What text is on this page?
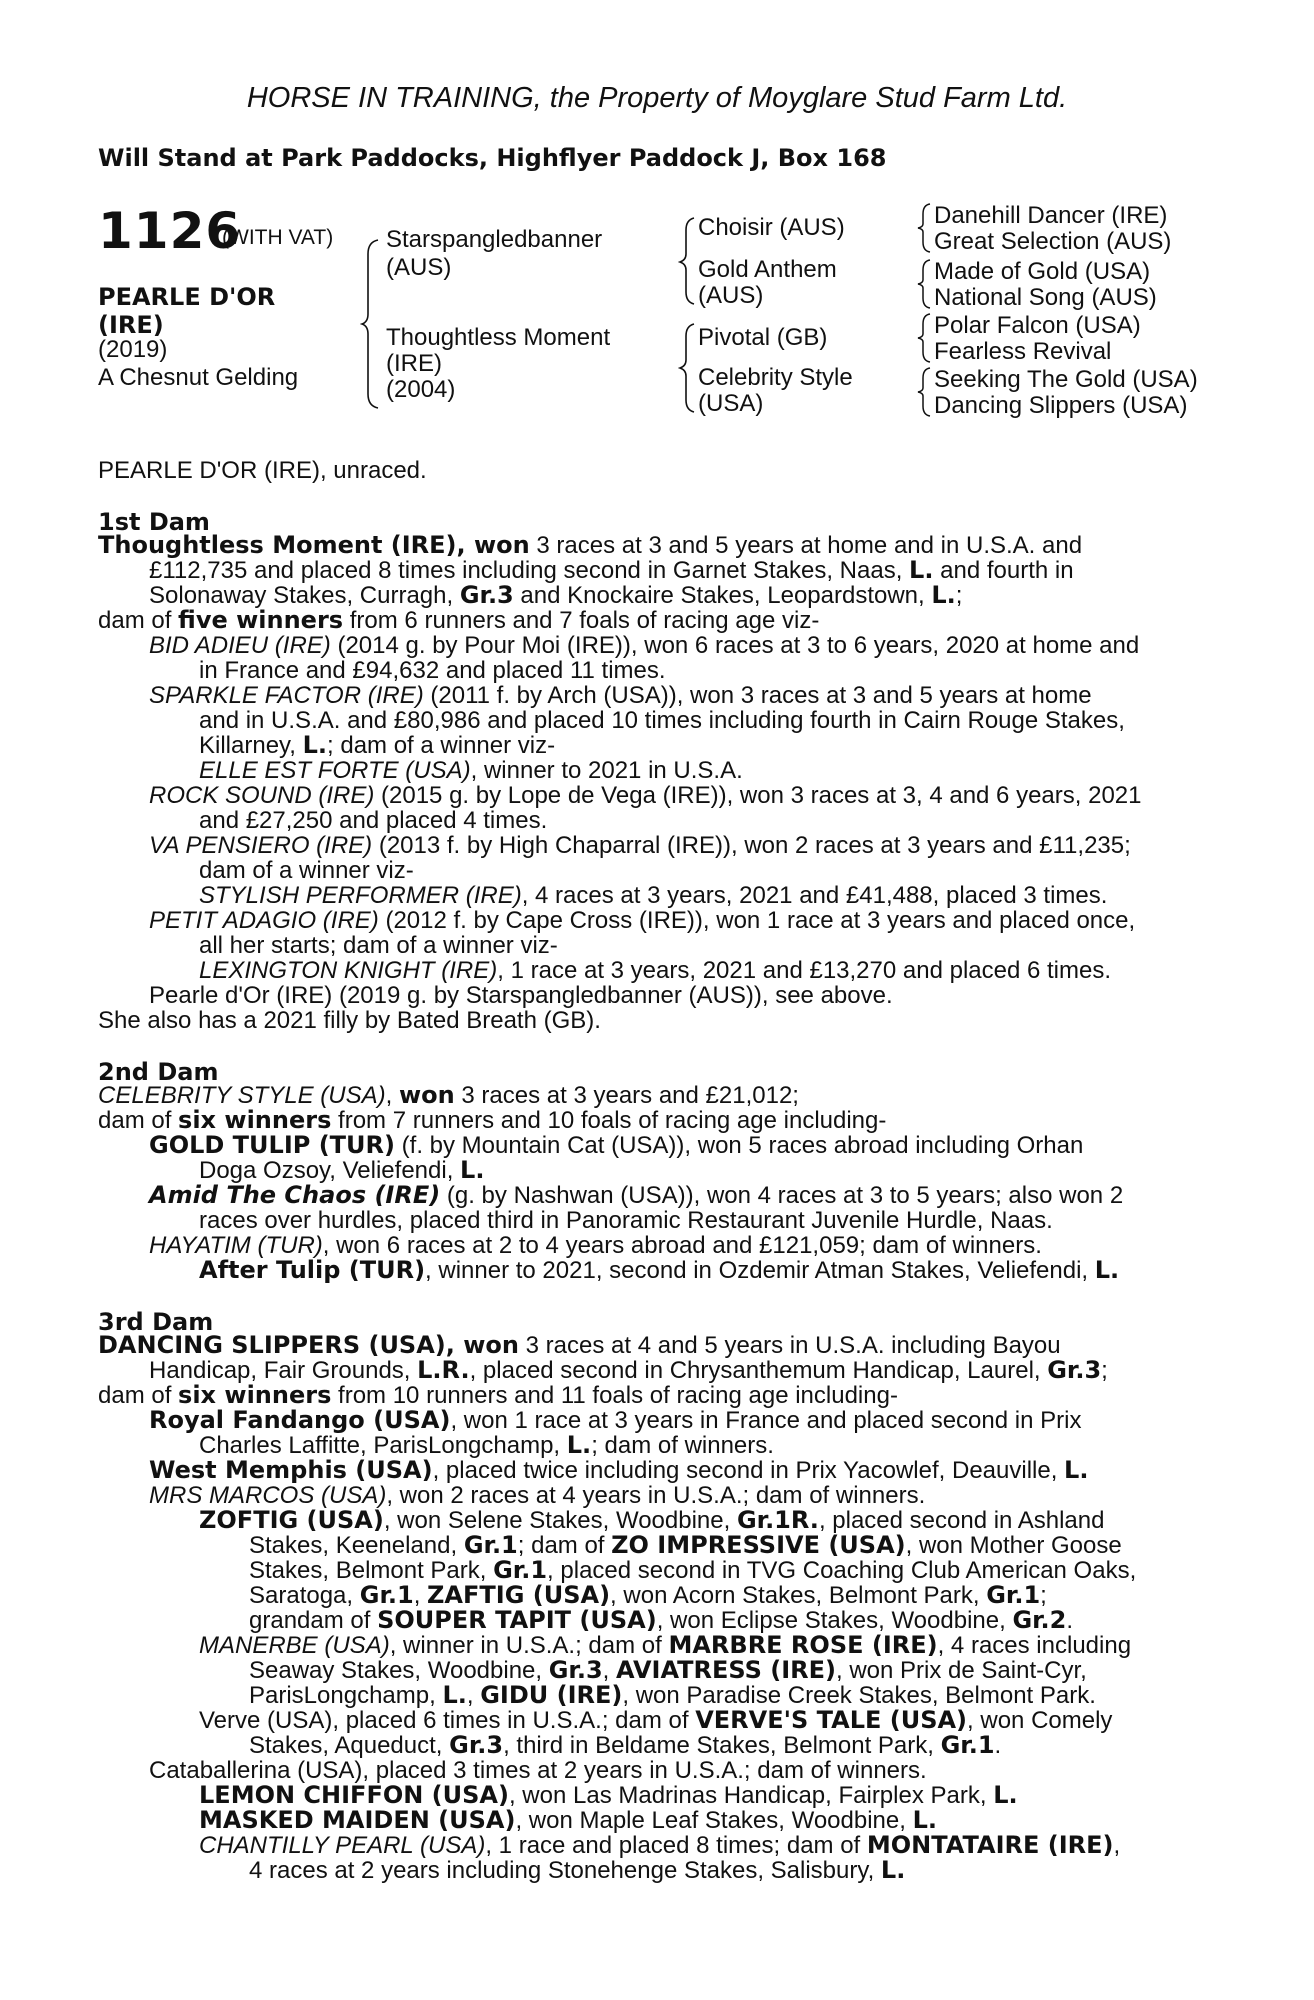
HORSE IN TRAINING, the Property of Moyglare Stud Farm Ltd.
Will Stand at Park Paddocks, Highflyer Paddock J, Box 168
1126
(WITH VAT)
PEARLE D'OR
(IRE)
(2019)
A Chesnut Gelding
Starspangledbanner
(AUS)
Thoughtless Moment
(IRE)
(2004)
Choisir (AUS)
Gold Anthem
(AUS)
Pivotal (GB)
Celebrity Style
(USA)
Danehill Dancer (IRE)
Great Selection (AUS)
Made of Gold (USA)
National Song (AUS)
Polar Falcon (USA)
Fearless Revival
Seeking The Gold (USA)
Dancing Slippers (USA)
PEARLE D'OR (IRE), unraced.
1st Dam
Thoughtless Moment (IRE), won 3 races at 3 and 5 years at home and in U.S.A. and
£112,735 and placed 8 times including second in Garnet Stakes, Naas, L. and fourth in
Solonaway Stakes, Curragh, Gr.3 and Knockaire Stakes, Leopardstown, L.;
dam of five winners from 6 runners and 7 foals of racing age viz-
BID ADIEU (IRE) (2014 g. by Pour Moi (IRE)), won 6 races at 3 to 6 years, 2020 at home and
in France and £94,632 and placed 11 times.
SPARKLE FACTOR (IRE) (2011 f. by Arch (USA)), won 3 races at 3 and 5 years at home
and in U.S.A. and £80,986 and placed 10 times including fourth in Cairn Rouge Stakes,
Killarney, L.; dam of a winner viz-
ELLE EST FORTE (USA), winner to 2021 in U.S.A.
ROCK SOUND (IRE) (2015 g. by Lope de Vega (IRE)), won 3 races at 3, 4 and 6 years, 2021
and £27,250 and placed 4 times.
VA PENSIERO (IRE) (2013 f. by High Chaparral (IRE)), won 2 races at 3 years and £11,235;
dam of a winner viz-
STYLISH PERFORMER (IRE), 4 races at 3 years, 2021 and £41,488, placed 3 times.
PETIT ADAGIO (IRE) (2012 f. by Cape Cross (IRE)), won 1 race at 3 years and placed once,
all her starts; dam of a winner viz-
LEXINGTON KNIGHT (IRE), 1 race at 3 years, 2021 and £13,270 and placed 6 times.
Pearle d'Or (IRE) (2019 g. by Starspangledbanner (AUS)), see above.
She also has a 2021 filly by Bated Breath (GB).
2nd Dam
CELEBRITY STYLE (USA), won 3 races at 3 years and £21,012;
dam of six winners from 7 runners and 10 foals of racing age including-
GOLD TULIP (TUR) (f. by Mountain Cat (USA)), won 5 races abroad including Orhan
Doga Ozsoy, Veliefendi, L.
Amid The Chaos (IRE) (g. by Nashwan (USA)), won 4 races at 3 to 5 years; also won 2
races over hurdles, placed third in Panoramic Restaurant Juvenile Hurdle, Naas.
HAYATIM (TUR), won 6 races at 2 to 4 years abroad and £121,059; dam of winners.
After Tulip (TUR), winner to 2021, second in Ozdemir Atman Stakes, Veliefendi, L.
3rd Dam
DANCING SLIPPERS (USA), won 3 races at 4 and 5 years in U.S.A. including Bayou
Handicap, Fair Grounds, L.R., placed second in Chrysanthemum Handicap, Laurel, Gr.3;
dam of six winners from 10 runners and 11 foals of racing age including-
Royal Fandango (USA), won 1 race at 3 years in France and placed second in Prix
Charles Laffitte, ParisLongchamp, L.; dam of winners.
West Memphis (USA), placed twice including second in Prix Yacowlef, Deauville, L.
MRS MARCOS (USA), won 2 races at 4 years in U.S.A.; dam of winners.
ZOFTIG (USA), won Selene Stakes, Woodbine, Gr.1R., placed second in Ashland
Stakes, Keeneland, Gr.1; dam of ZO IMPRESSIVE (USA), won Mother Goose
Stakes, Belmont Park, Gr.1, placed second in TVG Coaching Club American Oaks,
Saratoga, Gr.1, ZAFTIG (USA), won Acorn Stakes, Belmont Park, Gr.1;
grandam of SOUPER TAPIT (USA), won Eclipse Stakes, Woodbine, Gr.2.
MANERBE (USA), winner in U.S.A.; dam of MARBRE ROSE (IRE), 4 races including
Seaway Stakes, Woodbine, Gr.3, AVIATRESS (IRE), won Prix de Saint-Cyr,
ParisLongchamp, L., GIDU (IRE), won Paradise Creek Stakes, Belmont Park.
Verve (USA), placed 6 times in U.S.A.; dam of VERVE'S TALE (USA), won Comely
Stakes, Aqueduct, Gr.3, third in Beldame Stakes, Belmont Park, Gr.1.
Cataballerina (USA), placed 3 times at 2 years in U.S.A.; dam of winners.
LEMON CHIFFON (USA), won Las Madrinas Handicap, Fairplex Park, L.
MASKED MAIDEN (USA), won Maple Leaf Stakes, Woodbine, L.
CHANTILLY PEARL (USA), 1 race and placed 8 times; dam of MONTATAIRE (IRE),
4 races at 2 years including Stonehenge Stakes, Salisbury, L.
